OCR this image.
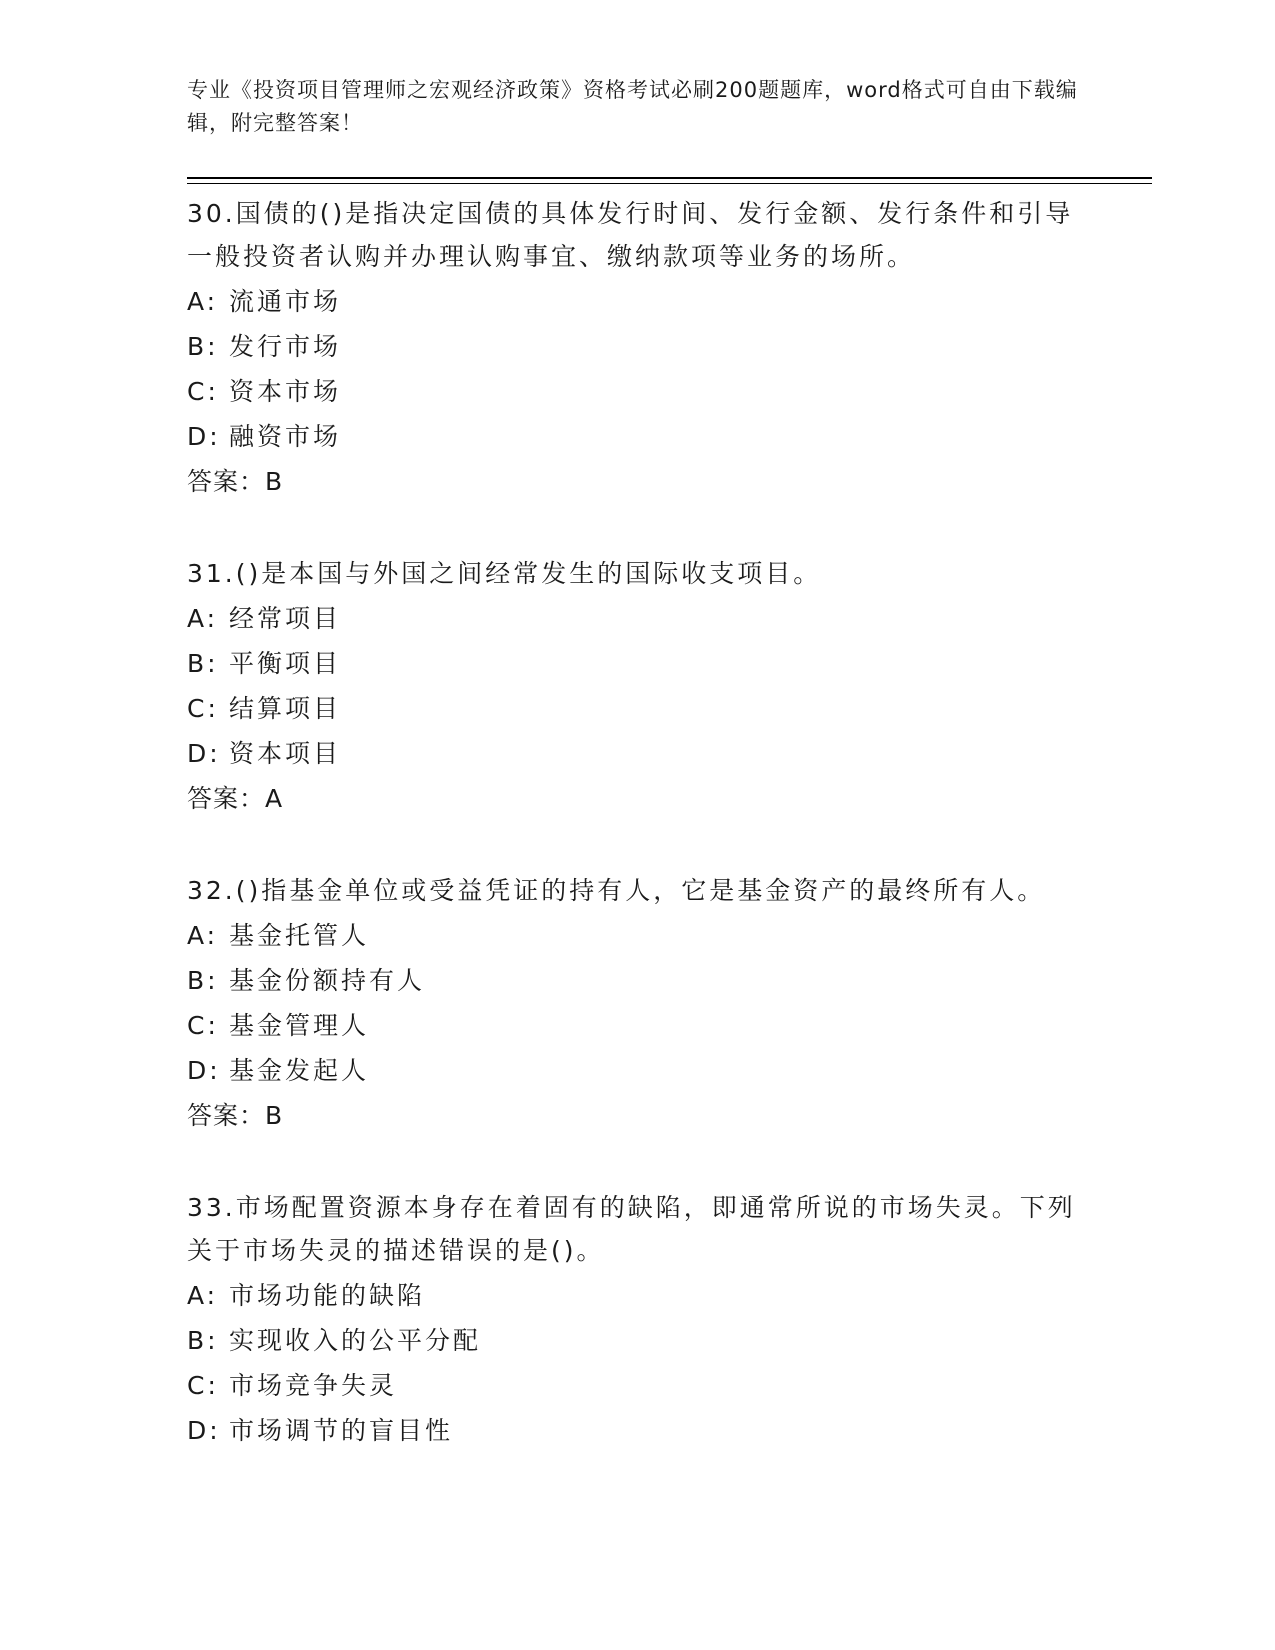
专业《投资项目管理师之宏观经济政策》资格考试必刷200题题库，word格式可自由下载编辑，附完整答案！

30.国债的()是指决定国债的具体发行时间、发行金额、发行条件和引导一般投资者认购并办理认购事宜、缴纳款项等业务的场所。

A: 流通市场

B: 发行市场

C: 资本市场

D: 融资市场

答案：B

31.()是本国与外国之间经常发生的国际收支项目。

A: 经常项目

B: 平衡项目

C: 结算项目

D: 资本项目

答案：A

32.()指基金单位或受益凭证的持有人，它是基金资产的最终所有人。

A: 基金托管人

B: 基金份额持有人

C: 基金管理人

D: 基金发起人

答案：B

33.市场配置资源本身存在着固有的缺陷，即通常所说的市场失灵。下列关于市场失灵的描述错误的是()。

A: 市场功能的缺陷

B: 实现收入的公平分配

C: 市场竞争失灵

D: 市场调节的盲目性
